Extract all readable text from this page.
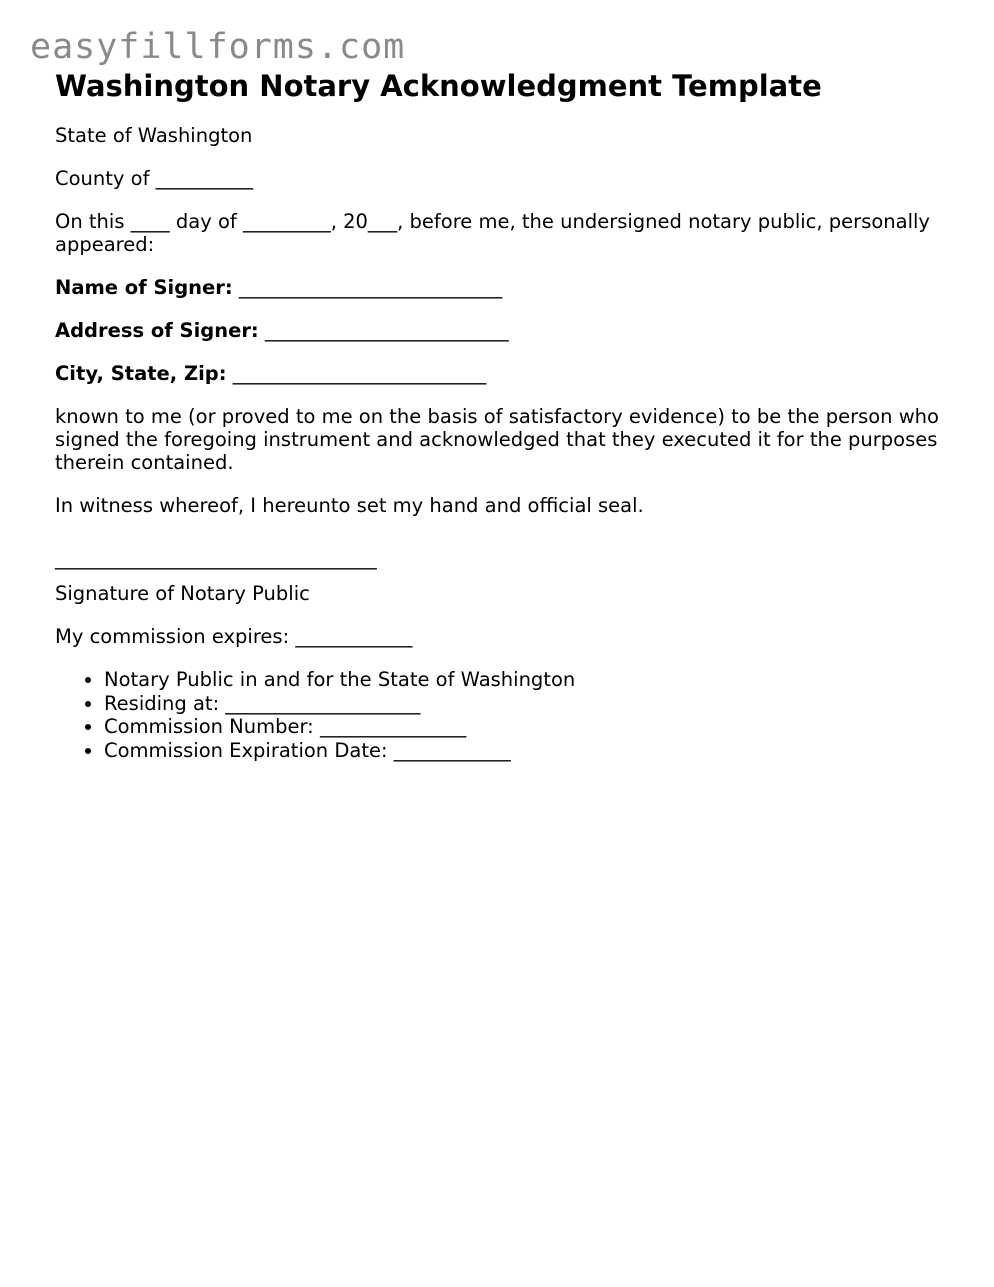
easyfillforms.com
Washington Notary Acknowledgment Template

State of Washington

County of __________

On this ____ day of _________, 20___, before me, the undersigned notary public, personally appeared:

Name of Signer: ___________________________

Address of Signer: _________________________

City, State, Zip: __________________________

known to me (or proved to me on the basis of satisfactory evidence) to be the person who signed the foregoing instrument and acknowledged that they executed it for the purposes therein contained.

In witness whereof, I hereunto set my hand and official seal.

_________________________________

Signature of Notary Public

My commission expires: ____________

• Notary Public in and for the State of Washington
• Residing at: ____________________
• Commission Number: _______________
• Commission Expiration Date: ____________
